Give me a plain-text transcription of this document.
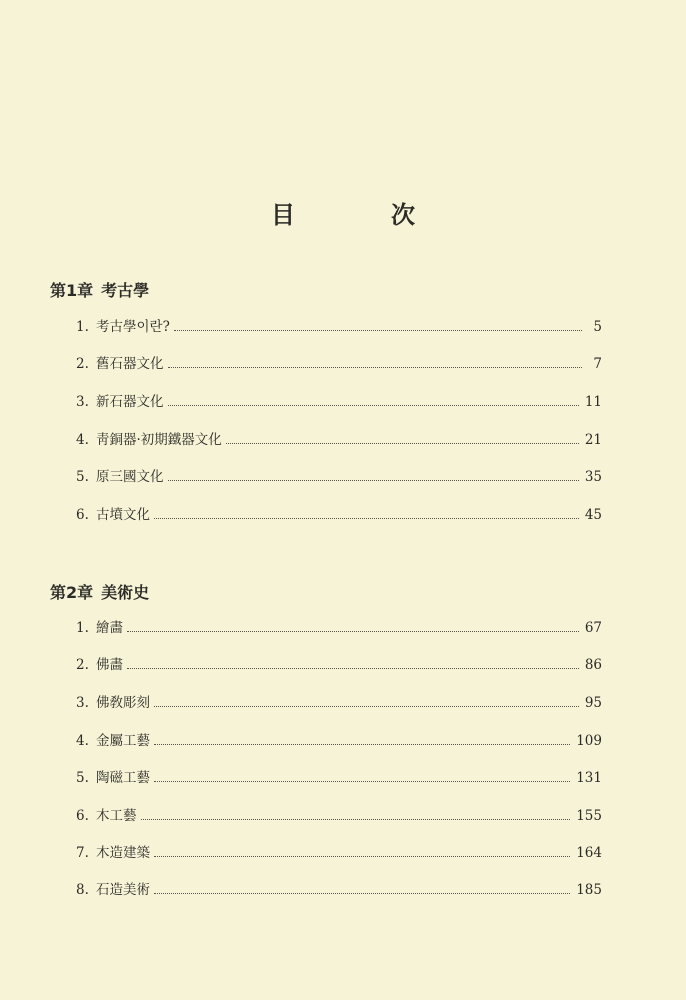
目　次
第1章 考古學
1. 考古學이란?	5
2. 舊石器文化	7
3. 新石器文化	11
4. 靑銅器·初期鐵器文化	21
5. 原三國文化	35
6. 古墳文化	45
第2章 美術史
1. 繪畵	67
2. 佛畵	86
3. 佛敎彫刻	95
4. 金屬工藝	109
5. 陶磁工藝	131
6. 木工藝	155
7. 木造建築	164
8. 石造美術	185
